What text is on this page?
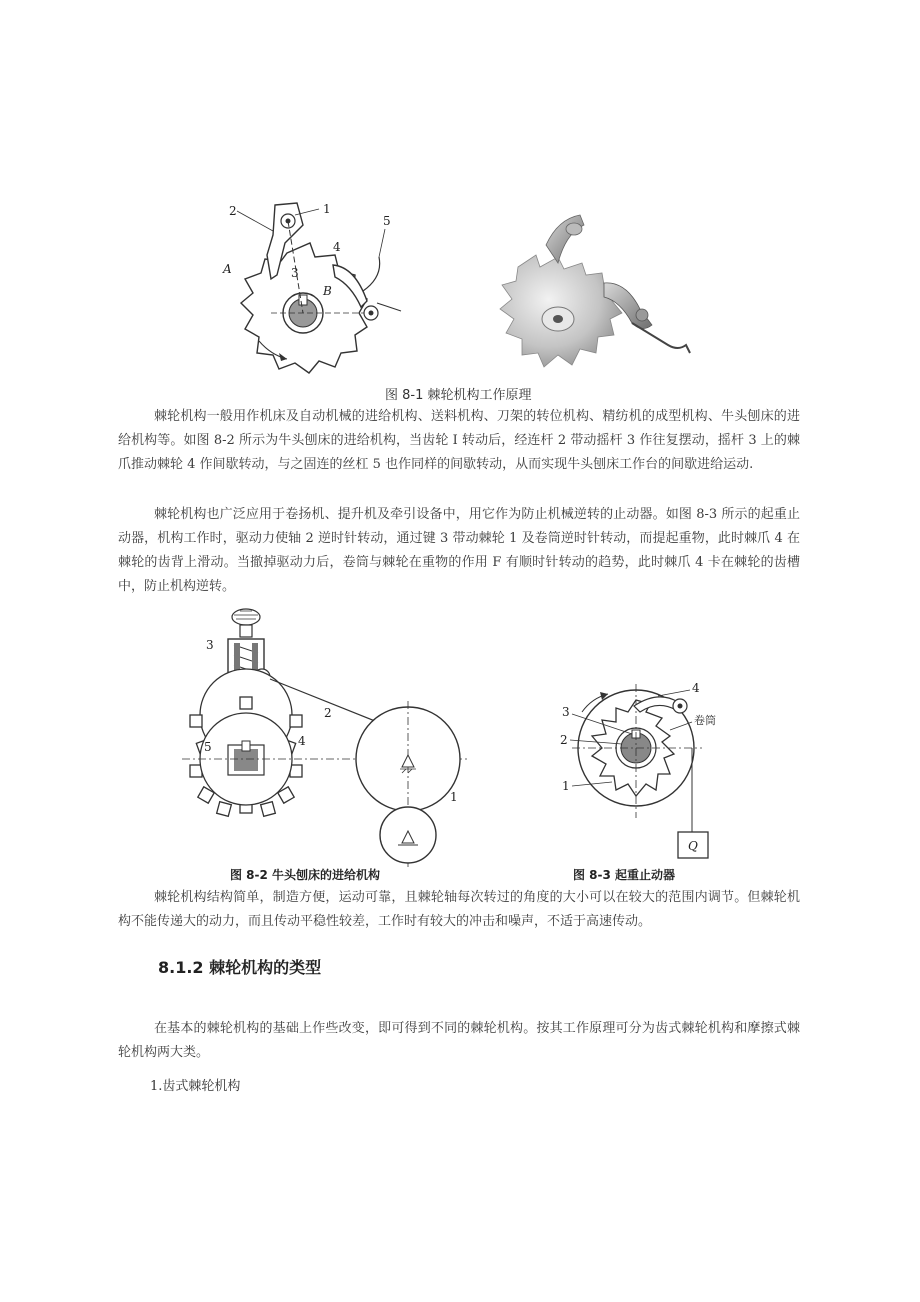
2	1
3
4
5
A
B
图 8-1 棘轮机构工作原理

棘轮机构一般用作机床及自动机械的进给机构、送料机构、刀架的转位机构、精纺机的成型机构、牛头刨床的进给机构等。如图 8-2 所示为牛头刨床的进给机构，当齿轮 I 转动后，经连杆 2 带动摇杆 3 作往复摆动，摇杆 3 上的棘爪推动棘轮 4 作间歇转动，与之固连的丝杠 5 也作同样的间歇转动，从而实现牛头刨床工作台的间歇进给运动.

棘轮机构也广泛应用于卷扬机、提升机及牵引设备中，用它作为防止机械逆转的止动器。如图 8-3 所示的起重止动器，机构工作时，驱动力使轴 2 逆时针转动，通过键 3 带动棘轮 1 及卷筒逆时针转动，而提起重物，此时棘爪 4 在棘轮的齿背上滑动。当撤掉驱动力后，卷筒与棘轮在重物的作用 F 有顺时针转动的趋势，此时棘爪 4 卡在棘轮的齿槽中，防止机构逆转。

3
2
5	4
1
Q
4
卷筒
3
2
1
图 8-2 牛头刨床的进给机构	图 8-3 起重止动器

棘轮机构结构简单，制造方便，运动可靠，且棘轮轴每次转过的角度的大小可以在较大的范围内调节。但棘轮机构不能传递大的动力，而且传动平稳性较差，工作时有较大的冲击和噪声，不适于高速传动。

8.1.2 棘轮机构的类型

在基本的棘轮机构的基础上作些改变，即可得到不同的棘轮机构。按其工作原理可分为齿式棘轮机构和摩擦式棘轮机构两大类。

1.齿式棘轮机构
